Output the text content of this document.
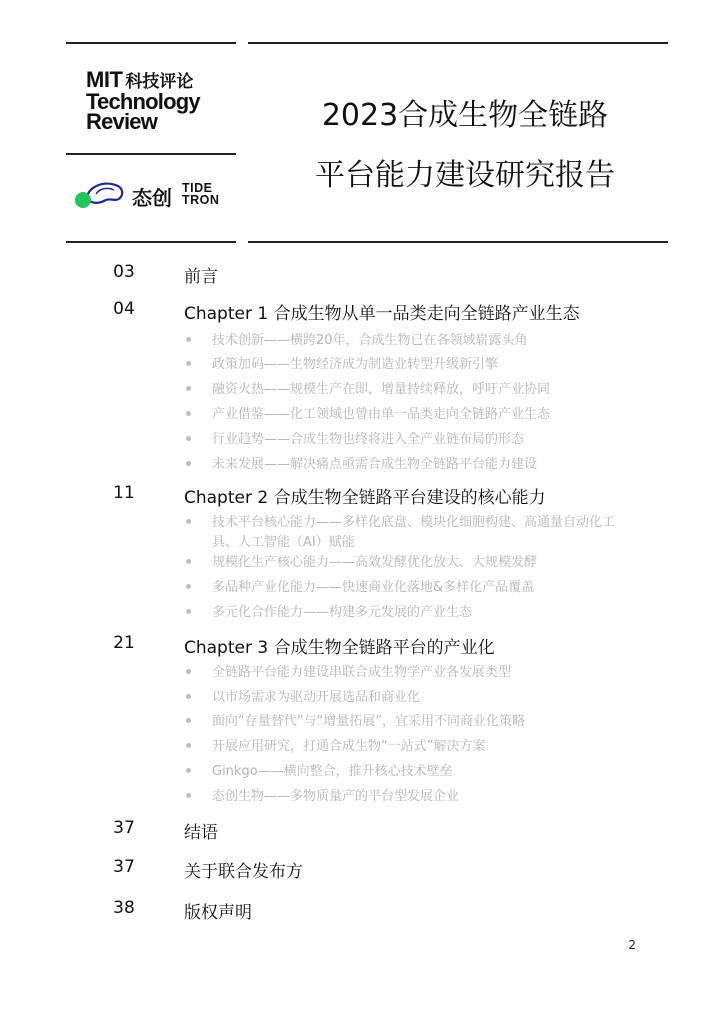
MIT 科技评论
Technology
Review
态创 TIDE
TRON
2023合成生物全链路
平台能力建设研究报告
03	前言
04	Chapter 1 合成生物从单一品类走向全链路产业生态
技术创新——横跨20年，合成生物已在各领域崭露头角
政策加码——生物经济成为制造业转型升级新引擎
融资火热——规模生产在即，增量持续释放，呼吁产业协同
产业借鉴——化工领域也曾由单一品类走向全链路产业生态
行业趋势——合成生物也终将进入全产业链布局的形态
未来发展——解决痛点亟需合成生物全链路平台能力建设
11	Chapter 2 合成生物全链路平台建设的核心能力
技术平台核心能力——多样化底盘、模块化细胞构建、高通量自动化工具、人工智能（AI）赋能
规模化生产核心能力——高效发酵优化放大、大规模发酵
多品种产业化能力——快速商业化落地&多样化产品覆盖
多元化合作能力——构建多元发展的产业生态
21	Chapter 3 合成生物全链路平台的产业化
全链路平台能力建设串联合成生物学产业各发展类型
以市场需求为驱动开展选品和商业化
面向“存量替代”与“增量拓展”，宜采用不同商业化策略
开展应用研究，打通合成生物“一站式”解决方案
Ginkgo——横向整合，推升核心技术壁垒
态创生物——多物质量产的平台型发展企业
37	结语
37	关于联合发布方
38	版权声明
2
